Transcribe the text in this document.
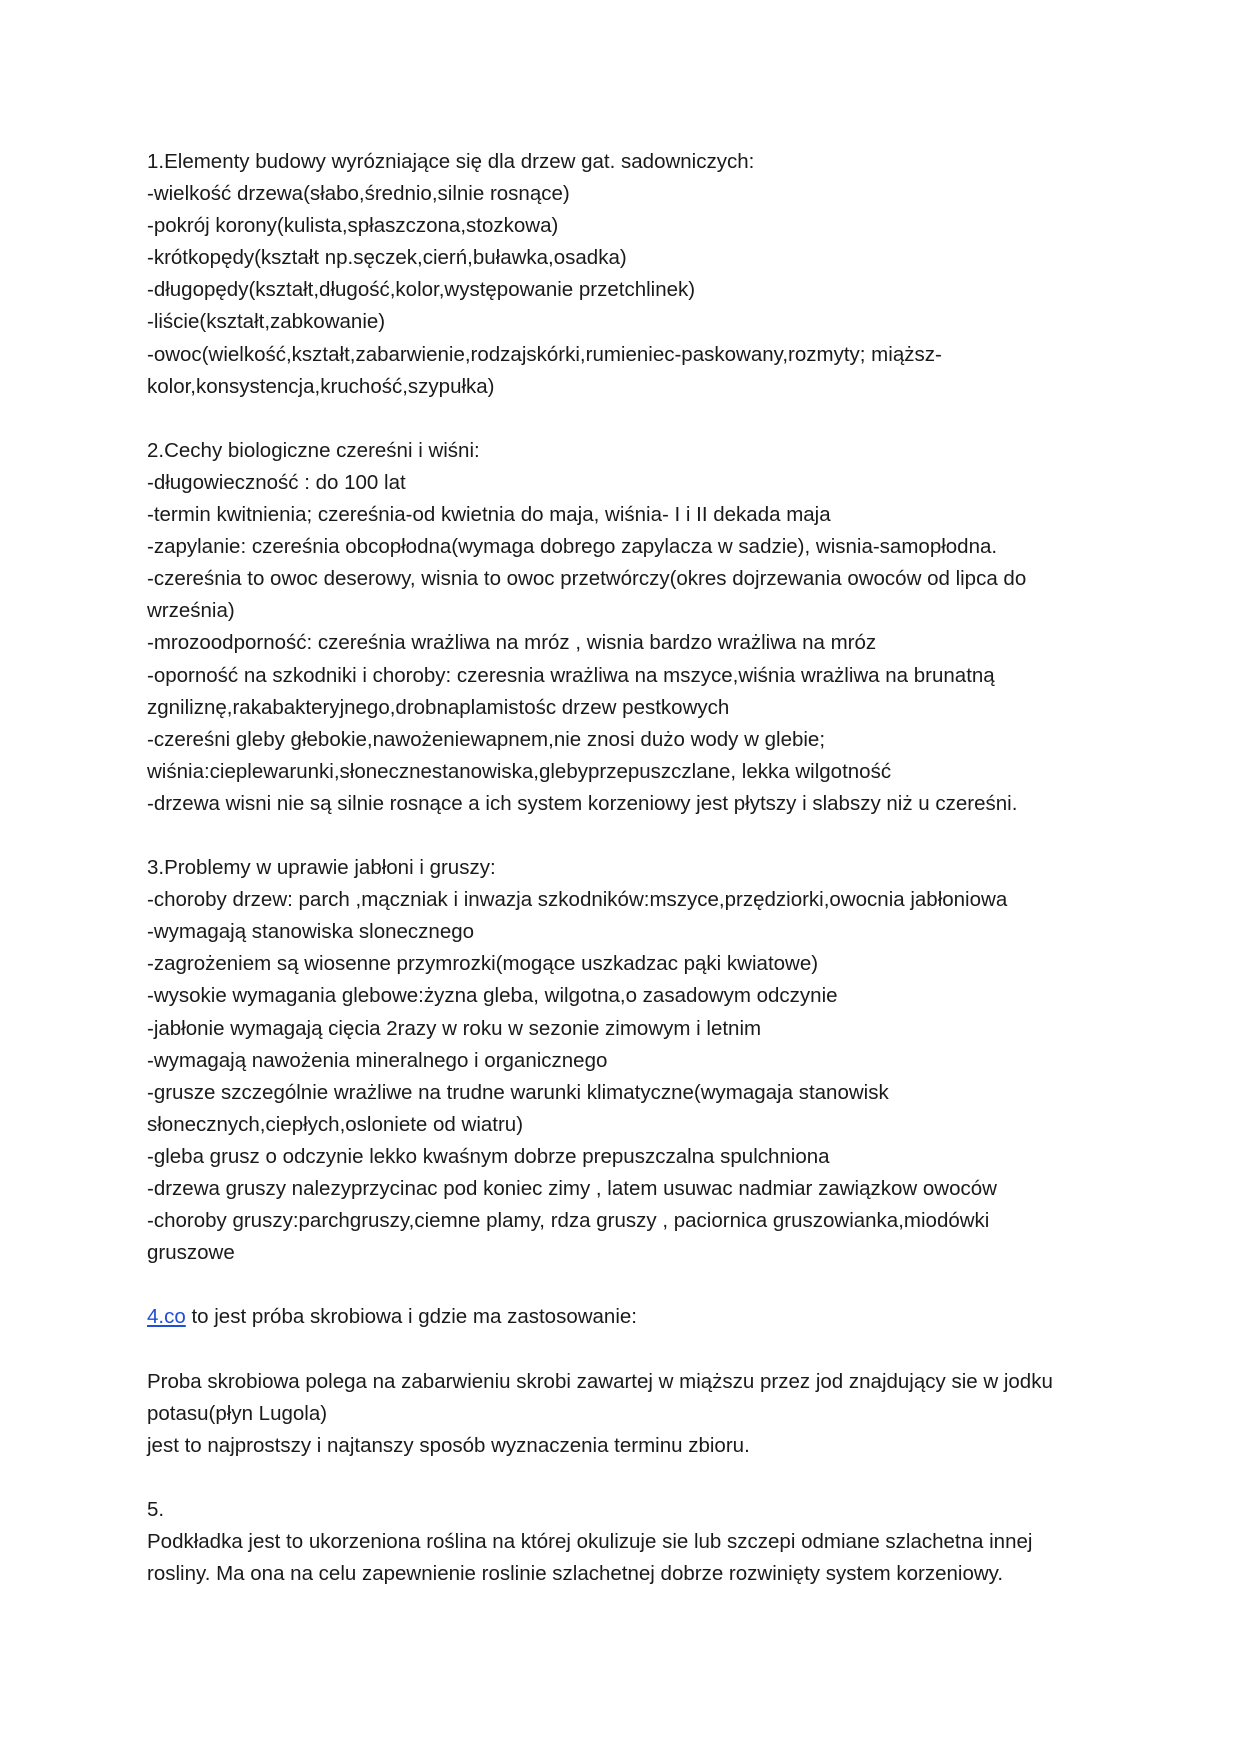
1.Elementy budowy wyrózniające się dla drzew gat. sadowniczych:
-wielkość drzewa(słabo,średnio,silnie rosnące)
-pokrój korony(kulista,spłaszczona,stozkowa)
-krótkopędy(kształt np.sęczek,cierń,buławka,osadka)
-długopędy(kształt,długość,kolor,występowanie przetchlinek)
-liście(kształt,zabkowanie)
-owoc(wielkość,kształt,zabarwienie,rodzajskórki,rumieniec-paskowany,rozmyty; miąższ-
kolor,konsystencja,kruchość,szypułka)
2.Cechy biologiczne czereśni i wiśni:
-długowieczność : do 100 lat
-termin kwitnienia; czereśnia-od kwietnia do maja, wiśnia- I i II dekada maja
-zapylanie: czereśnia obcopłodna(wymaga dobrego zapylacza w sadzie), wisnia-samopłodna.
-czereśnia to owoc deserowy, wisnia to owoc przetwórczy(okres dojrzewania owoców od lipca do
września)
-mrozoodporność: czereśnia wrażliwa na mróz , wisnia bardzo wrażliwa na mróz
-oporność na szkodniki i choroby: czeresnia wrażliwa na mszyce,wiśnia wrażliwa na brunatną
zgniliznę,rakabakteryjnego,drobnaplamistośc drzew pestkowych
-czereśni gleby głebokie,nawożeniewapnem,nie znosi dużo wody w glebie;
wiśnia:cieplewarunki,słonecznestanowiska,glebyprzepuszczlane, lekka wilgotność
-drzewa wisni nie są silnie rosnące a ich system korzeniowy jest płytszy i slabszy niż u czereśni.
3.Problemy w uprawie jabłoni i gruszy:
-choroby drzew: parch ,mączniak i inwazja szkodników:mszyce,przędziorki,owocnia jabłoniowa
-wymagają stanowiska slonecznego
-zagrożeniem są wiosenne przymrozki(mogące uszkadzac pąki kwiatowe)
-wysokie wymagania glebowe:żyzna gleba, wilgotna,o zasadowym odczynie
-jabłonie wymagają cięcia 2razy w roku w sezonie zimowym i letnim
-wymagają nawożenia mineralnego i organicznego
-grusze szczególnie wrażliwe na trudne warunki klimatyczne(wymagaja stanowisk
słonecznych,ciepłych,osloniete od wiatru)
-gleba grusz o odczynie lekko kwaśnym dobrze prepuszczalna spulchniona
-drzewa gruszy nalezyprzycinac pod koniec zimy , latem usuwac nadmiar zawiązkow owoców
-choroby gruszy:parchgruszy,ciemne plamy, rdza gruszy , paciornica gruszowianka,miodówki
gruszowe
4.co to jest próba skrobiowa i gdzie ma zastosowanie:
Proba skrobiowa polega na zabarwieniu skrobi zawartej w miąższu przez jod znajdujący sie w jodku
potasu(płyn Lugola)
jest to najprostszy i najtanszy sposób wyznaczenia terminu zbioru.
5.
Podkładka jest to ukorzeniona roślina na której okulizuje sie lub szczepi odmiane szlachetna innej
rosliny. Ma ona na celu zapewnienie roslinie szlachetnej dobrze rozwinięty system korzeniowy.
